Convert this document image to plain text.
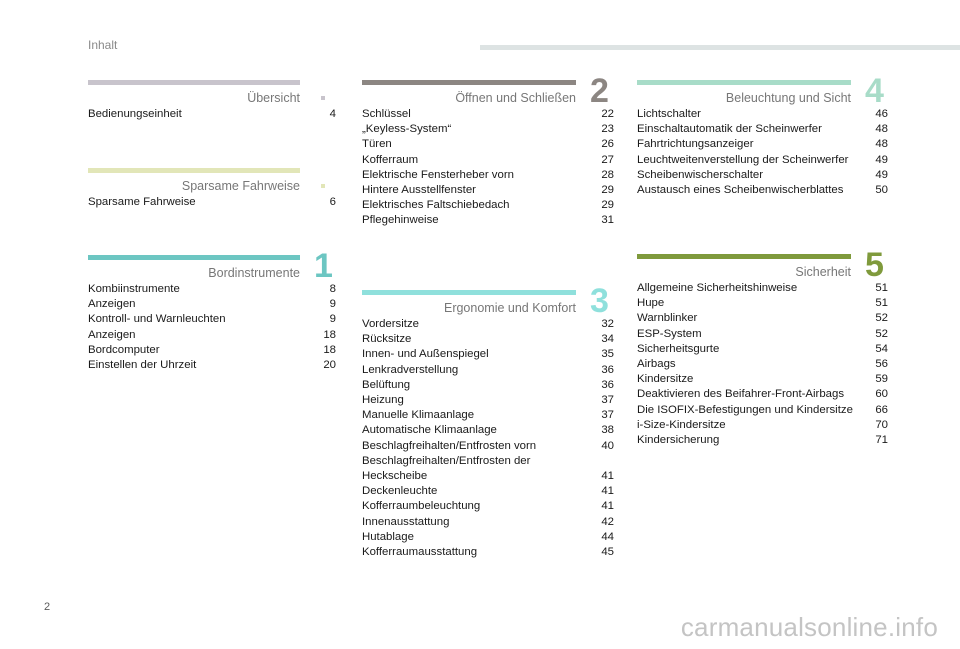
Inhalt
Übersicht
Bedienungseinheit	4
Sparsame Fahrweise
Sparsame Fahrweise	6
Bordinstrumente
Kombiinstrumente	8
Anzeigen	9
Kontroll- und Warnleuchten	9
Anzeigen	18
Bordcomputer	18
Einstellen der Uhrzeit	20
1
Öffnen und Schließen
Schlüssel	22
„Keyless-System“	23
Türen	26
Kofferraum	27
Elektrische Fensterheber vorn	28
Hintere Ausstellfenster	29
Elektrisches Faltschiebedach	29
Pflegehinweise	31
2
Ergonomie und Komfort
Vordersitze	32
Rücksitze	34
Innen- und Außenspiegel	35
Lenkradverstellung	36
Belüftung	36
Heizung	37
Manuelle Klimaanlage	37
Automatische Klimaanlage	38
Beschlagfreihalten/Entfrosten vorn	40
Beschlagfreihalten/Entfrosten der Heckscheibe	41
Deckenleuchte	41
Kofferraumbeleuchtung	41
Innenausstattung	42
Hutablage	44
Kofferraumausstattung	45
3
Beleuchtung und Sicht
Lichtschalter	46
Einschaltautomatik der Scheinwerfer	48
Fahrtrichtungsanzeiger	48
Leuchtweitenverstellung der Scheinwerfer 49
Scheibenwischerschalter	49
Austausch eines Scheibenwischerblattes	50
4
Sicherheit
Allgemeine Sicherheitshinweise	51
Hupe	51
Warnblinker	52
ESP-System	52
Sicherheitsgurte	54
Airbags	56
Kindersitze	59
Deaktivieren des Beifahrer-Front-Airbags	60
Die ISOFIX-Befestigungen und Kindersitze 66
i-Size-Kindersitze	70
Kindersicherung	71
5
2
carmanualsonline.info
